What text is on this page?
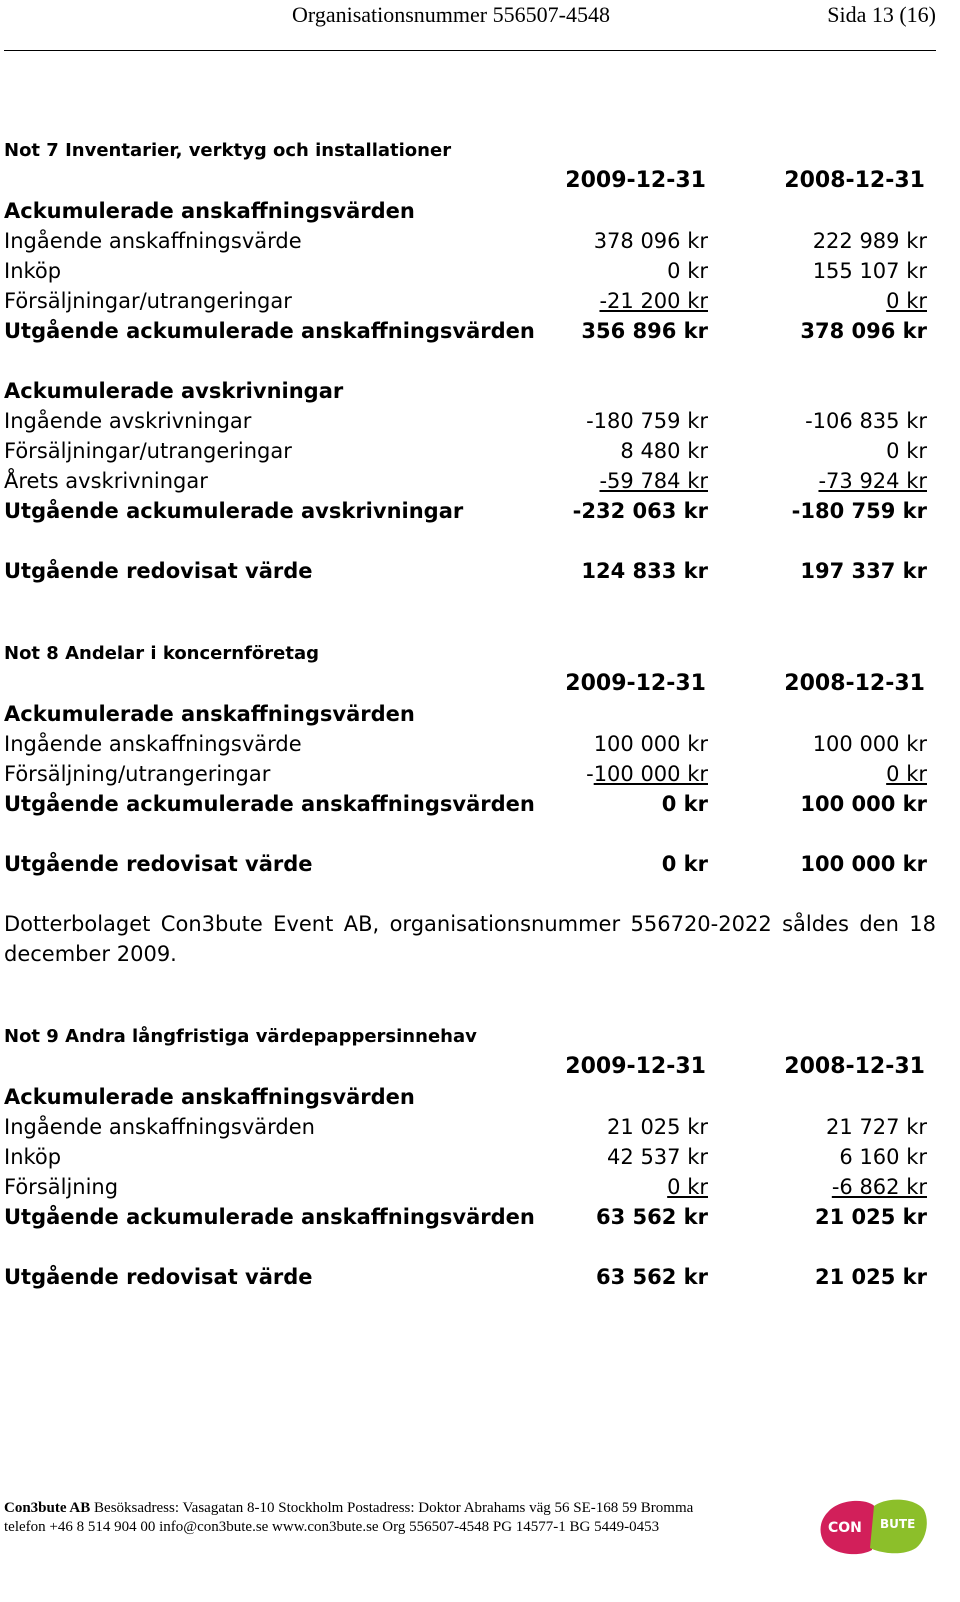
Organisationsnummer 556507-4548	Sida 13 (16)
Not 7 Inventarier, verktyg och installationer
2009-12-31	2008-12-31
Ackumulerade anskaffningsvärden
Ingående anskaffningsvärde	378 096 kr	222 989 kr
Inköp	0 kr	155 107 kr
Försäljningar/utrangeringar	-21 200 kr	0 kr
Utgående ackumulerade anskaffningsvärden 356 896 kr	378 096 kr
Ackumulerade avskrivningar
Ingående avskrivningar	-180 759 kr	-106 835 kr
Försäljningar/utrangeringar	8 480 kr	0 kr
Årets avskrivningar	-59 784 kr	-73 924 kr
Utgående ackumulerade avskrivningar	-232 063 kr	-180 759 kr
Utgående redovisat värde	124 833 kr	197 337 kr
Not 8 Andelar i koncernföretag
2009-12-31	2008-12-31
Ackumulerade anskaffningsvärden
Ingående anskaffningsvärde	100 000 kr	100 000 kr
Försäljning/utrangeringar	-100 000 kr	0 kr
Utgående ackumulerade anskaffningsvärden	0 kr	100 000 kr
Utgående redovisat värde	0 kr	100 000 kr
Dotterbolaget Con3bute Event AB, organisationsnummer 556720-2022 såldes den 18 december 2009.
Not 9 Andra långfristiga värdepappersinnehav
2009-12-31	2008-12-31
Ackumulerade anskaffningsvärden
Ingående anskaffningsvärden	21 025 kr	21 727 kr
Inköp	42 537 kr	6 160 kr
Försäljning	0 kr	-6 862 kr
Utgående ackumulerade anskaffningsvärden	63 562 kr	21 025 kr
Utgående redovisat värde	63 562 kr	21 025 kr
Con3bute AB Besöksadress: Vasagatan 8-10 Stockholm Postadress: Doktor Abrahams väg 56 SE-168 59 Bromma
telefon +46 8 514 904 00 info@con3bute.se www.con3bute.se Org 556507-4548 PG 14577-1 BG 5449-0453	CON BUTE
